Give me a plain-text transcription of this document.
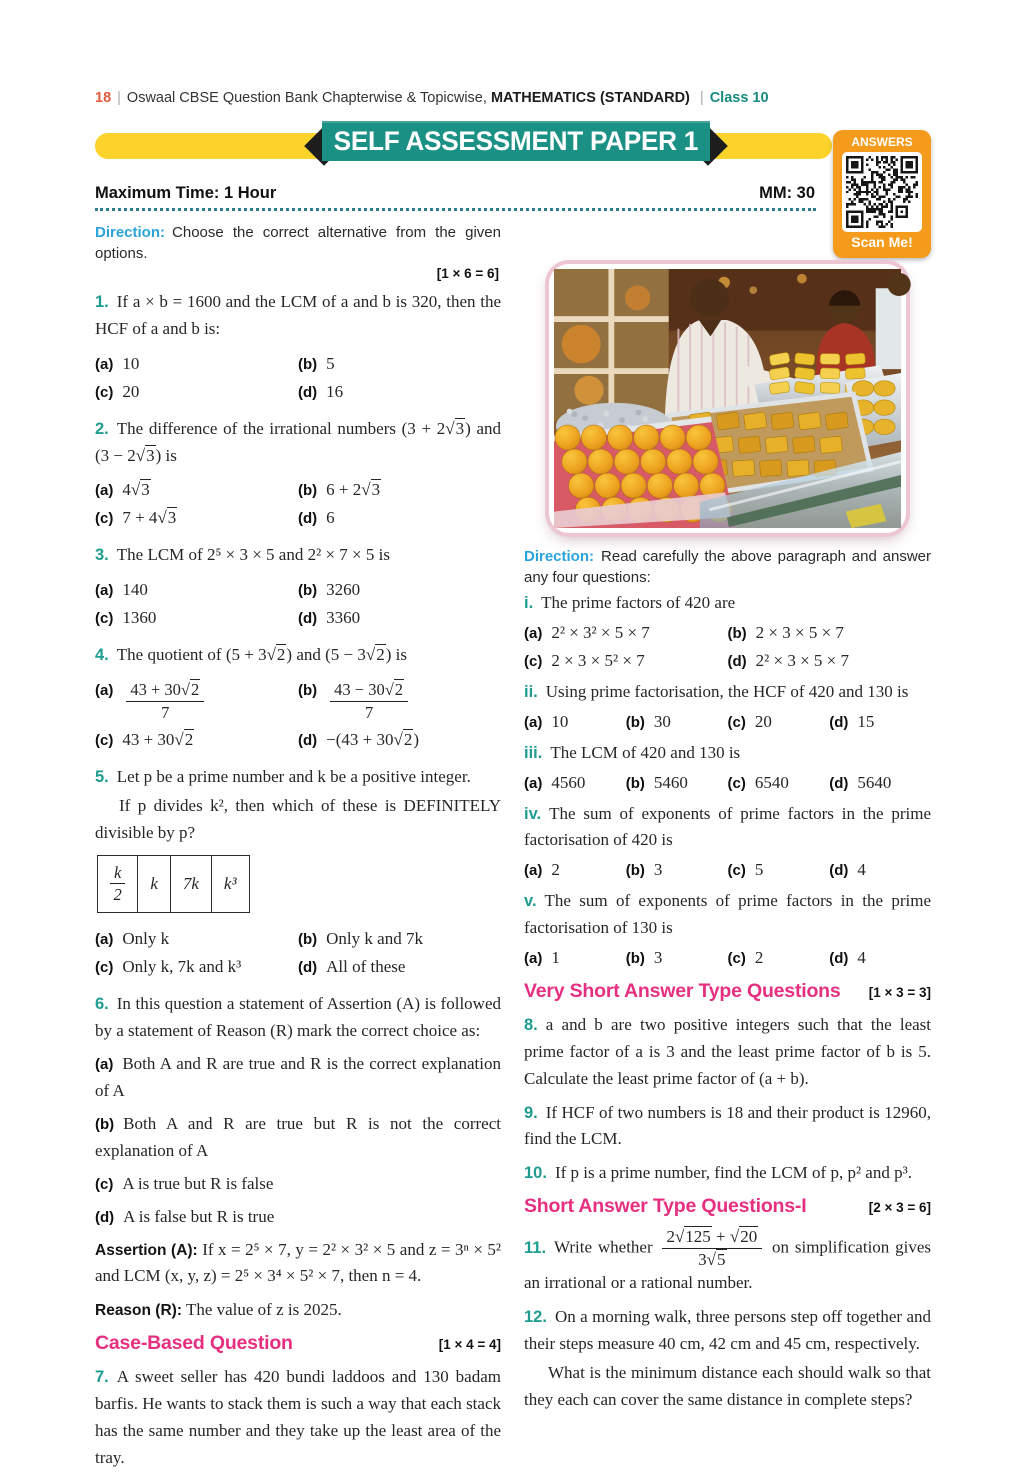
18 | Oswaal CBSE Question Bank Chapterwise & Topicwise, MATHEMATICS (STANDARD) | Class 10
SELF ASSESSMENT PAPER 1	ANSWERS
Scan Me!
Maximum Time: 1 Hour	MM: 30

Direction: Choose the correct alternative from the given options.

[1 × 6 = 6]

1. If a × b = 1600 and the LCM of a and b is 320, then the HCF of a and b is:

(a) 10	(b) 5
(c) 20	(d) 16

2. The difference of the irrational numbers (3 + 2√3) and (3 − 2√3) is

(a) 4√3	(b) 6 + 2√3
(c) 7 + 4√3	(d) 6

3. The LCM of 2⁵ × 3 × 5 and 2² × 7 × 5 is

(a) 140	(b) 3260
(c) 1360	(d) 3360

4. The quotient of (5 + 3√2) and (5 − 3√2) is

$(a) \frac{43 + 30√2}{7}$	$(b) \frac{43 - 30√2}{7}$
(c) 43 + 30√2	(d) −(43 + 30√2)

5. Let p be a prime number and k be a positive integer.

If p divides k², then which of these is DEFINITELY divisible by p?

$\frac{k}{2}$	k	7k	k³
(a) Only k	(b) Only k and 7k
(c) Only k, 7k and k³	(d) All of these

6. In this question a statement of Assertion (A) is followed by a statement of Reason (R) mark the correct choice as:

(a) Both A and R are true and R is the correct explanation of A

(b) Both A and R are true but R is not the correct explanation of A

(c) A is true but R is false

(d) A is false but R is true

Assertion (A): If x = 2⁵ × 7, y = 2² × 3² × 5 and z = 3ⁿ × 5² and LCM (x, y, z) = 2⁵ × 3⁴ × 5² × 7, then n = 4.

Reason (R): The value of z is 2025.

Case-Based Question	[1 × 4 = 4]

7. A sweet seller has 420 bundi laddoos and 130 badam barfis. He wants to stack them is such a way that each stack has the same number and they take up the least area of the tray.

Direction: Read carefully the above paragraph and answer any four questions:

i. The prime factors of 420 are

(a) 2² × 3² × 5 × 7	(b) 2 × 3 × 5 × 7
(c) 2 × 3 × 5² × 7	(d) 2² × 3 × 5 × 7

ii. Using prime factorisation, the HCF of 420 and 130 is

(a) 10	(b) 30	(c) 20	(d) 15

iii. The LCM of 420 and 130 is

(a) 4560	(b) 5460	(c) 6540	(d) 5640

iv. The sum of exponents of prime factors in the prime factorisation of 420 is

(a) 2	(b) 3	(c) 5	(d) 4

v. The sum of exponents of prime factors in the prime factorisation of 130 is

(a) 1	(b) 3	(c) 2	(d) 4
Very Short Answer Type Questions [1 × 3 = 3]

8. a and b are two positive integers such that the least prime factor of a is 3 and the least prime factor of b is 5. Calculate the least prime factor of (a + b).

9. If HCF of two numbers is 18 and their product is 12960, find the LCM.

10. If p is a prime number, find the LCM of p, p² and p³.

Short Answer Type Questions-I	[2 × 3 = 6]

11. Write whether $\frac{2√125 + √20}{3√5}$ on simplification gives an irrational or a rational number.

12. On a morning walk, three persons step off together and their steps measure 40 cm, 42 cm and 45 cm, respectively.

What is the minimum distance each should walk so that they each can cover the same distance in complete steps?
